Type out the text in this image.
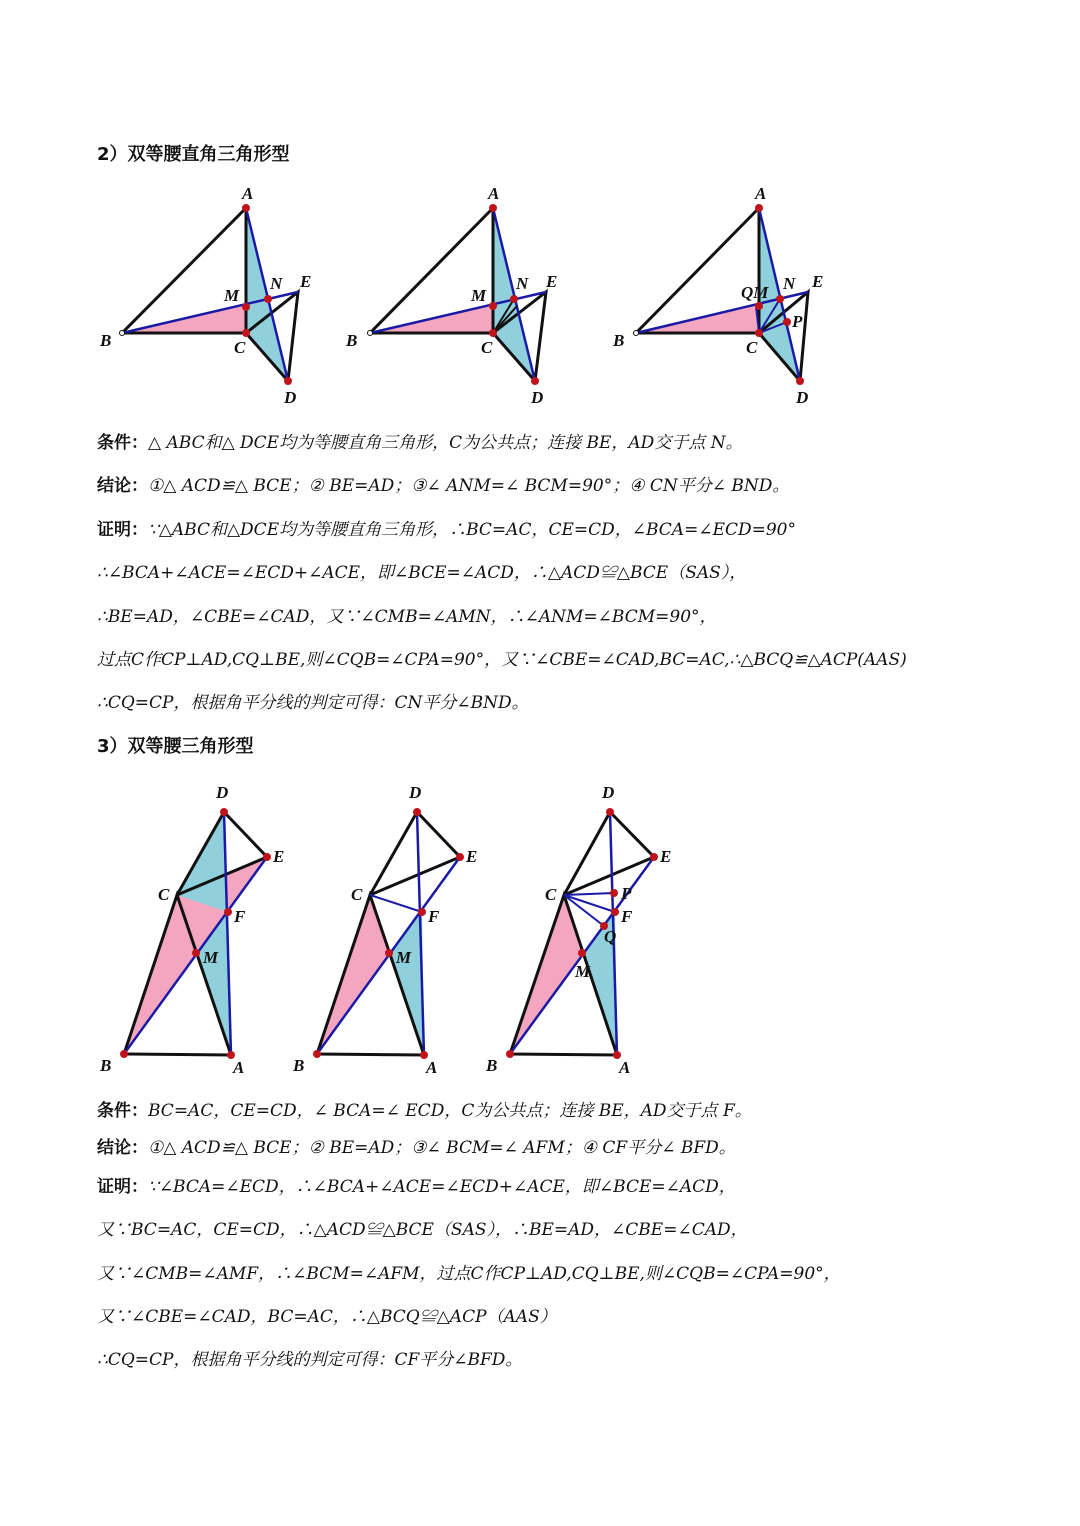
2）双等腰直角三角形型
A
B	C
D
E
M
N
A
B	C
D
E
M
N
A
B	C
D
E
QM N
P
条件：△ ABC和△ DCE均为等腰直角三角形，C为公共点；连接 BE，AD交于点 N。
结论：①△ ACD≌△ BCE；② BE=AD；③∠ ANM=∠ BCM=90°；④ CN平分∠ BND。
证明：∵△ABC和△DCE均为等腰直角三角形，∴BC=AC，CE=CD，∠BCA=∠ECD=90°
∴∠BCA+∠ACE=∠ECD+∠ACE，即∠BCE=∠ACD，∴△ACD≌△BCE（SAS），
∴BE=AD，∠CBE=∠CAD，又∵∠CMB=∠AMN，∴∠ANM=∠BCM=90°，
过点C作CP⊥AD,CQ⊥BE,则∠CQB=∠CPA=90°，又∵∠CBE=∠CAD,BC=AC,∴△BCQ≌△ACP(AAS)
∴CQ=CP，根据角平分线的判定可得：CN平分∠BND。
3）双等腰三角形型
D
E
C
F
M
B	A
D
E
C
F
M
B	A
D
E
C	P
F
Q
M
B	A
条件：BC=AC，CE=CD，∠ BCA=∠ ECD，C为公共点；连接 BE，AD交于点 F。
结论：①△ ACD≌△ BCE；② BE=AD；③∠ BCM=∠ AFM；④ CF平分∠ BFD。
证明：∵∠BCA=∠ECD，∴∠BCA+∠ACE=∠ECD+∠ACE，即∠BCE=∠ACD，
又∵BC=AC，CE=CD，∴△ACD≌△BCE（SAS），∴BE=AD，∠CBE=∠CAD，
又∵∠CMB=∠AMF，∴∠BCM=∠AFM，过点C作CP⊥AD,CQ⊥BE,则∠CQB=∠CPA=90°，
又∵∠CBE=∠CAD，BC=AC，∴△BCQ≌△ACP（AAS）
∴CQ=CP，根据角平分线的判定可得：CF平分∠BFD。
